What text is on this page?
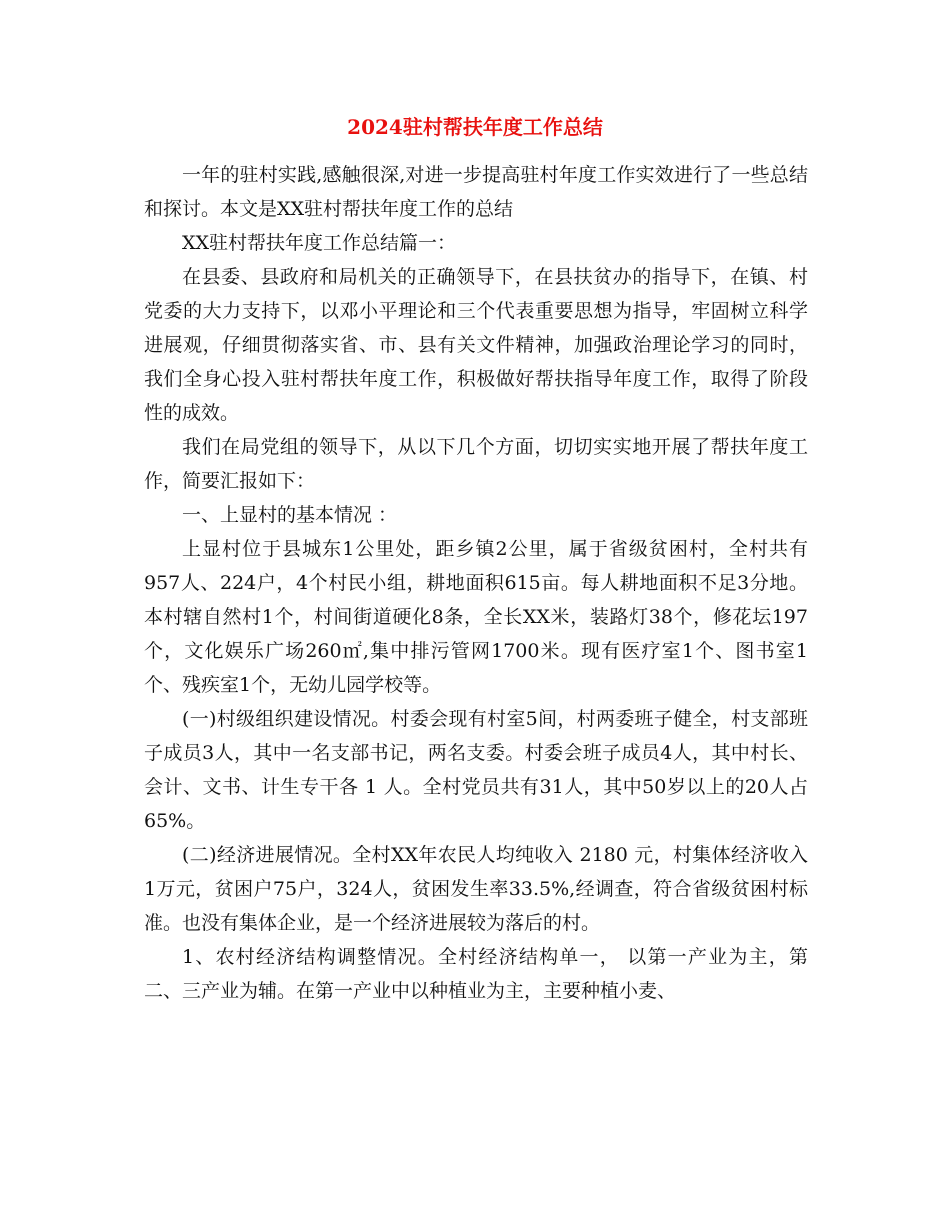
2024驻村帮扶年度工作总结

一年的驻村实践,感触很深,对进一步提高驻村年度工作实效进行了一些总结和探讨。本文是XX驻村帮扶年度工作的总结

XX驻村帮扶年度工作总结篇一：

在县委、县政府和局机关的正确领导下，在县扶贫办的指导下，在镇、村党委的大力支持下，以邓小平理论和三个代表重要思想为指导，牢固树立科学进展观，仔细贯彻落实省、市、县有关文件精神，加强政治理论学习的同时，我们全身心投入驻村帮扶年度工作，积极做好帮扶指导年度工作，取得了阶段性的成效。

我们在局党组的领导下，从以下几个方面，切切实实地开展了帮扶年度工作，简要汇报如下：

一、上显村的基本情况 ：

上显村位于县城东1公里处，距乡镇2公里，属于省级贫困村，全村共有957人、224户，4个村民小组，耕地面积615亩。每人耕地面积不足3分地。本村辖自然村1个，村间街道硬化8条，全长XX米，装路灯38个，修花坛197个，文化娱乐广场260㎡,集中排污管网1700米。现有医疗室1个、图书室1个、残疾室1个，无幼儿园学校等。

(一)村级组织建设情况。村委会现有村室5间，村两委班子健全，村支部班子成员3人，其中一名支部书记，两名支委。村委会班子成员4人，其中村长、会计、文书、计生专干各 1 人。全村党员共有31人，其中50岁以上的20人占65%。

(二)经济进展情况。全村XX年农民人均纯收入 2180 元，村集体经济收入1万元，贫困户75户，324人，贫困发生率33.5%,经调查，符合省级贫困村标准。也没有集体企业，是一个经济进展较为落后的村。

1、农村经济结构调整情况。全村经济结构单一， 以第一产业为主，第二、三产业为辅。在第一产业中以种植业为主，主要种植小麦、
